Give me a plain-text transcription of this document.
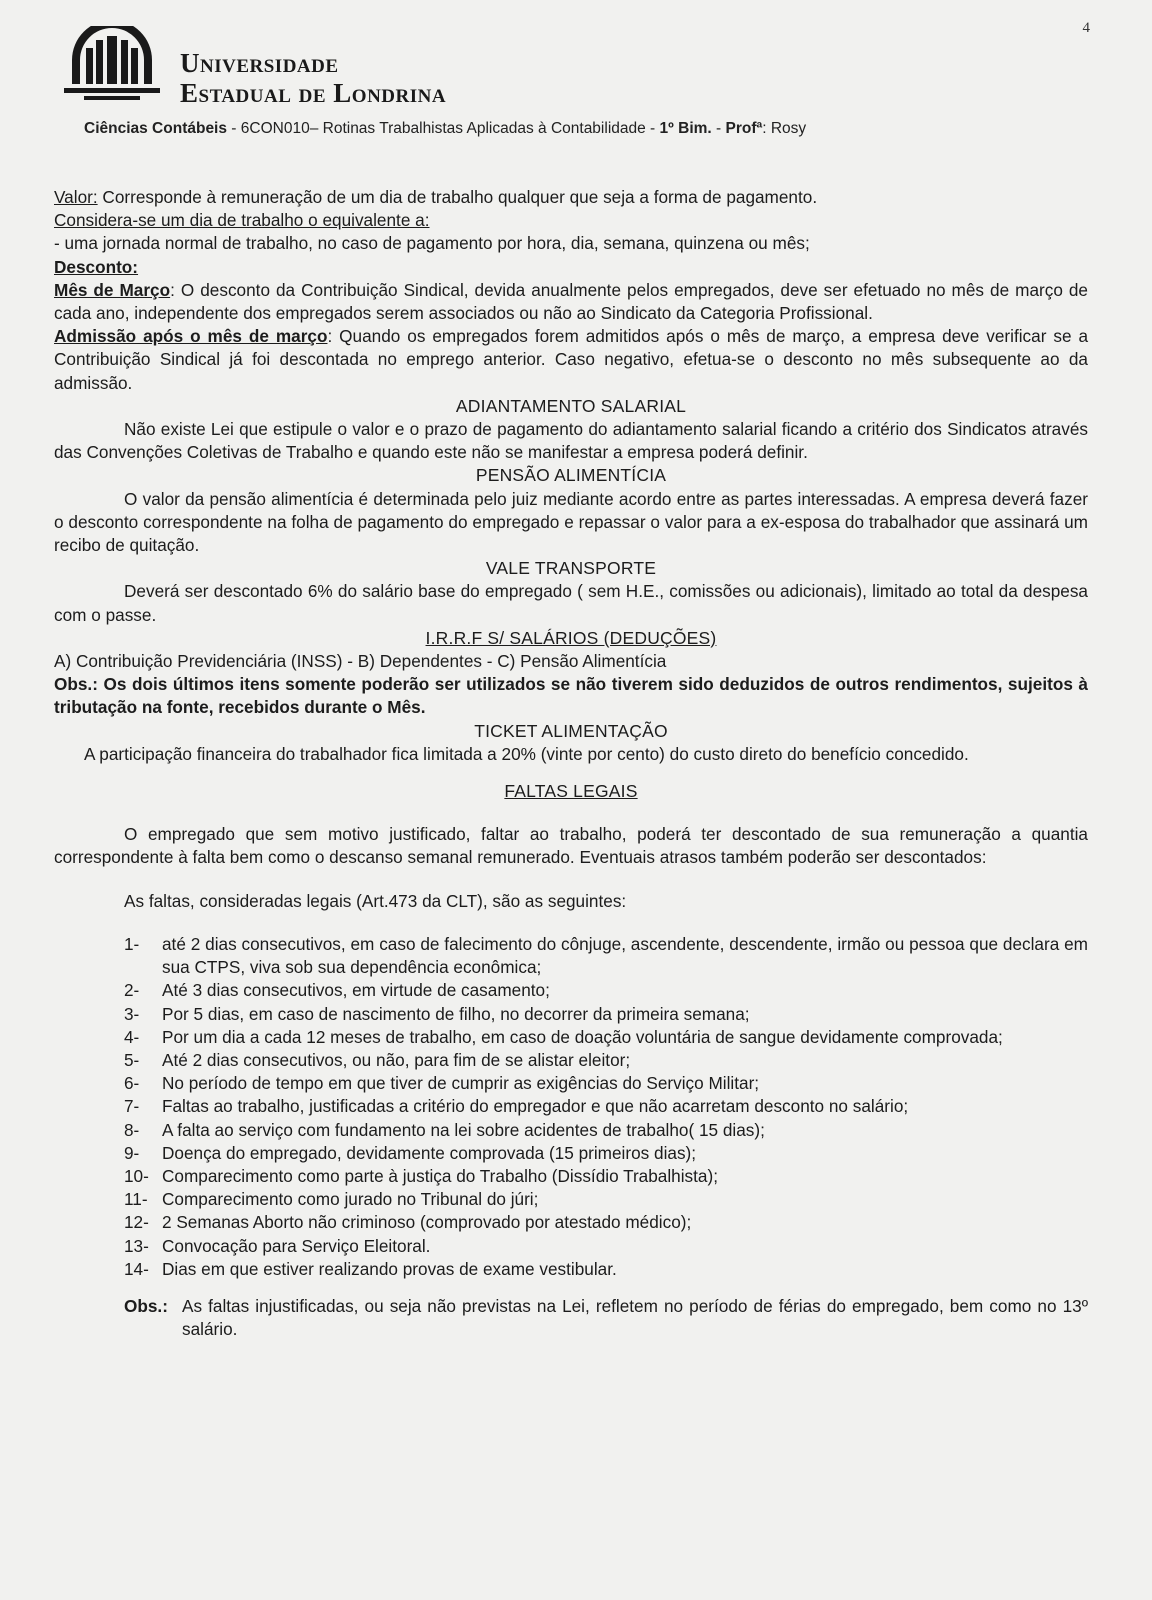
4
Universidade
Estadual de Londrina
Ciências Contábeis - 6CON010– Rotinas Trabalhistas Aplicadas à Contabilidade - 1º Bim. - Profª: Rosy

Valor: Corresponde à remuneração de um dia de trabalho qualquer que seja a forma de pagamento.

Considera-se um dia de trabalho o equivalente a:

- uma jornada normal de trabalho, no caso de pagamento por hora, dia, semana, quinzena ou mês;

Desconto:

Mês de Março: O desconto da Contribuição Sindical, devida anualmente pelos empregados, deve ser efetuado no mês de março de cada ano, independente dos empregados serem associados ou não ao Sindicato da Categoria Profissional.

Admissão após o mês de março: Quando os empregados forem admitidos após o mês de março, a empresa deve verificar se a Contribuição Sindical já foi descontada no emprego anterior. Caso negativo, efetua-se o desconto no mês subsequente ao da admissão.

ADIANTAMENTO SALARIAL

Não existe Lei que estipule o valor e o prazo de pagamento do adiantamento salarial ficando a critério dos Sindicatos através das Convenções Coletivas de Trabalho e quando este não se manifestar a empresa poderá definir.

PENSÃO ALIMENTÍCIA

O valor da pensão alimentícia é determinada pelo juiz mediante acordo entre as partes interessadas. A empresa deverá fazer o desconto correspondente na folha de pagamento do empregado e repassar o valor para a ex-esposa do trabalhador que assinará um recibo de quitação.

VALE TRANSPORTE

Deverá ser descontado 6% do salário base do empregado ( sem H.E., comissões ou adicionais), limitado ao total da despesa com o passe.

I.R.R.F S/ SALÁRIOS (DEDUÇÕES)

A) Contribuição Previdenciária (INSS) - B) Dependentes - C) Pensão Alimentícia

Obs.: Os dois últimos itens somente poderão ser utilizados se não tiverem sido deduzidos de outros rendimentos, sujeitos à tributação na fonte, recebidos durante o Mês.

TICKET ALIMENTAÇÃO

A participação financeira do trabalhador fica limitada a 20% (vinte por cento) do custo direto do benefício concedido.

FALTAS LEGAIS

O empregado que sem motivo justificado, faltar ao trabalho, poderá ter descontado de sua remuneração a quantia correspondente à falta bem como o descanso semanal remunerado. Eventuais atrasos também poderão ser descontados:

As faltas, consideradas legais (Art.473 da CLT), são as seguintes:

1- até 2 dias consecutivos, em caso de falecimento do cônjuge, ascendente, descendente, irmão ou pessoa que declara em sua CTPS, viva sob sua dependência econômica;
2- Até 3 dias consecutivos, em virtude de casamento;
3- Por 5 dias, em caso de nascimento de filho, no decorrer da primeira semana;
4- Por um dia a cada 12 meses de trabalho, em caso de doação voluntária de sangue devidamente comprovada;
5- Até 2 dias consecutivos, ou não, para fim de se alistar eleitor;
6- No período de tempo em que tiver de cumprir as exigências do Serviço Militar;
7- Faltas ao trabalho, justificadas a critério do empregador e que não acarretam desconto no salário;
8- A falta ao serviço com fundamento na lei sobre acidentes de trabalho( 15 dias);
9- Doença do empregado, devidamente comprovada (15 primeiros dias);
10- Comparecimento como parte à justiça do Trabalho (Dissídio Trabalhista);
11- Comparecimento como jurado no Tribunal do júri;
12- 2 Semanas Aborto não criminoso (comprovado por atestado médico);
13- Convocação para Serviço Eleitoral.
14- Dias em que estiver realizando provas de exame vestibular.

Obs.: As faltas injustificadas, ou seja não previstas na Lei, refletem no período de férias do empregado, bem como no 13º salário.
